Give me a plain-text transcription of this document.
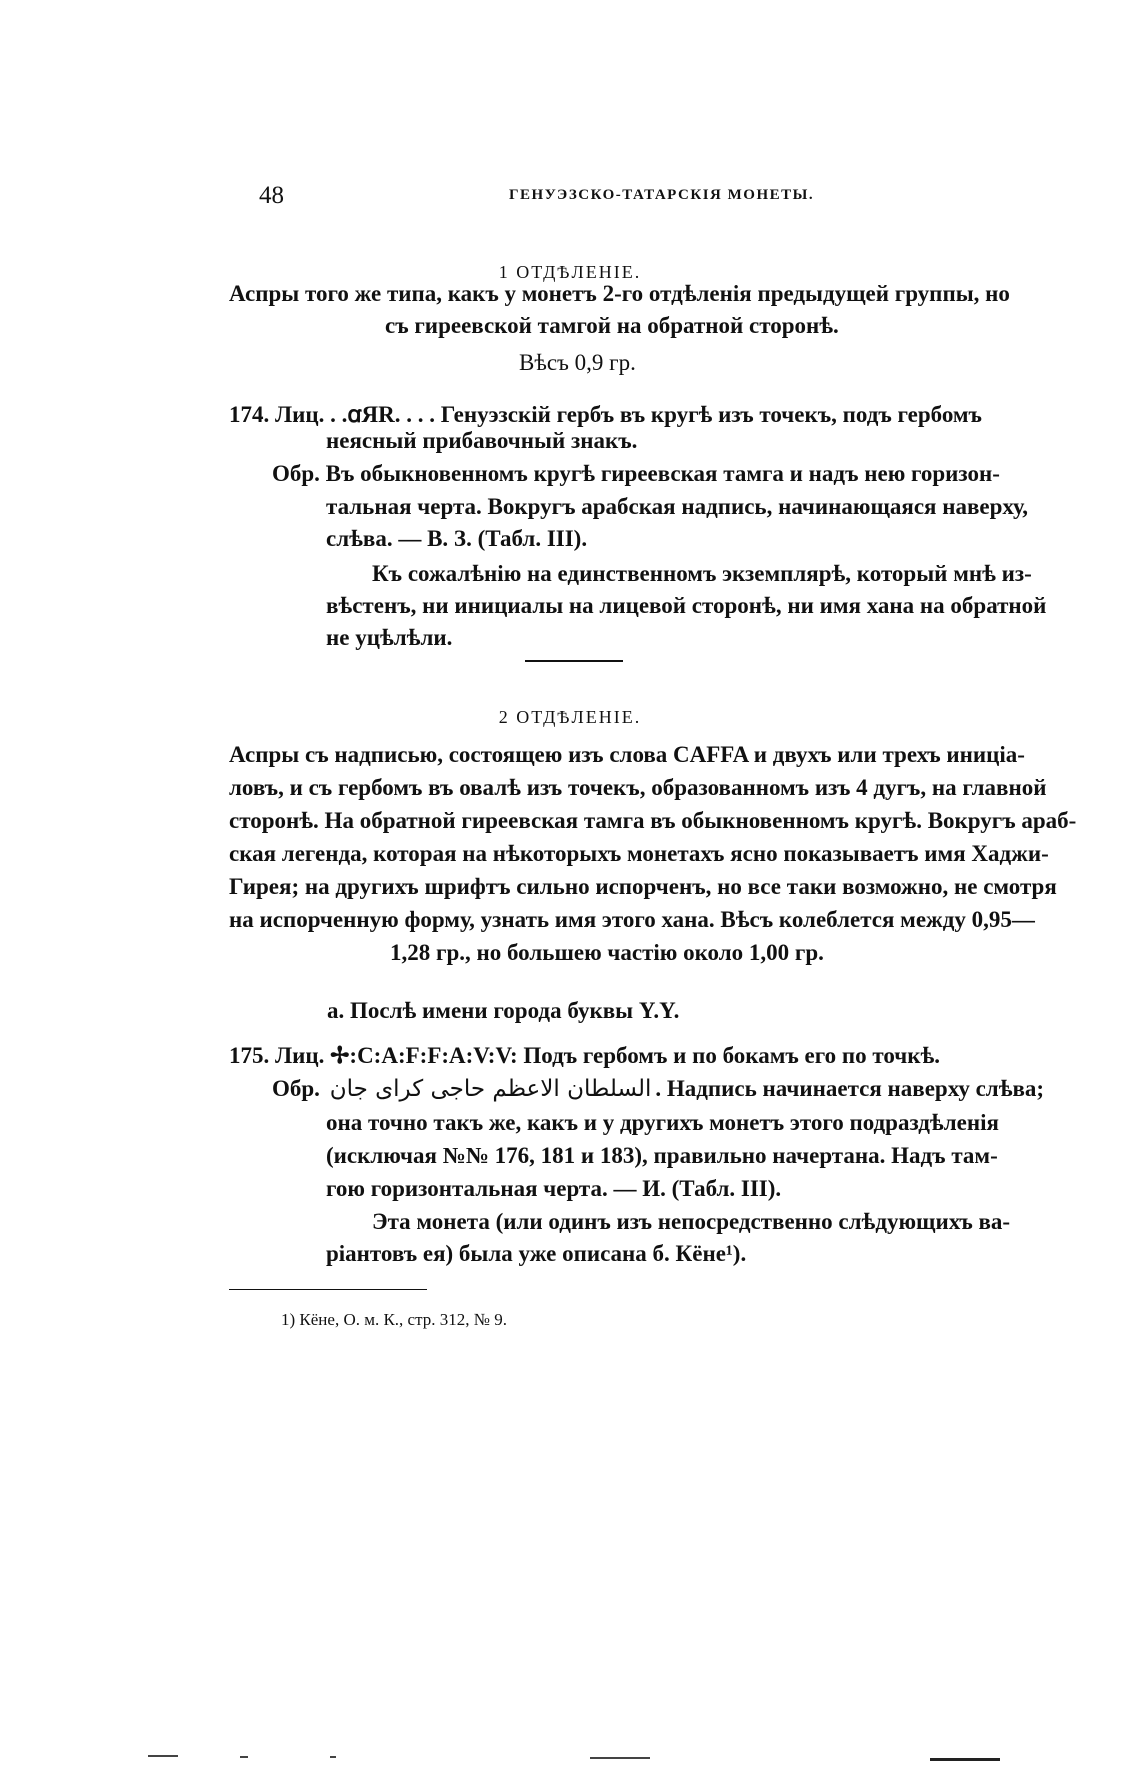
48	ГЕНУЭЗСКО-ТАТАРСКІЯ МОНЕТЫ.
1 ОТДѢЛЕНІЕ.
Аспры того же типа, какъ у монетъ 2-го отдѣленія предыдущей группы, но
съ гиреевской тамгой на обратной сторонѣ.
Вѣсъ 0,9 гр.
174. Лиц. . .ꭤЯR. . . . Генуэзскій гербъ въ кругѣ изъ точекъ, подъ гербомъ
неясный прибавочный знакъ.
Обр. Въ обыкновенномъ кругѣ гиреевская тамга и надъ нею горизон-
тальная черта. Вокругъ арабская надпись, начинающаяся наверху,
слѣва. — В. З. (Табл. III).
Къ сожалѣнію на единственномъ экземплярѣ, который мнѣ из-
вѣстенъ, ни инициалы на лицевой сторонѣ, ни имя хана на обратной
не уцѣлѣли.
2 ОТДѢЛЕНІЕ.
Аспры съ надписью, состоящею изъ слова CAFFA и двухъ или трехъ иниціа-
ловъ, и съ гербомъ въ овалѣ изъ точекъ, образованномъ изъ 4 дугъ, на главной
сторонѣ. На обратной гиреевская тамга въ обыкновенномъ кругѣ. Вокругъ араб-
ская легенда, которая на нѣкоторыхъ монетахъ ясно показываетъ имя Хаджи-
Гирея; на другихъ шрифтъ сильно испорченъ, но все таки возможно, не смотря
на испорченную форму, узнать имя этого хана. Вѣсъ колеблется между 0,95—
1,28 гр., но большею частію около 1,00 гр.
а. Послѣ имени города буквы Y.Y.
175. Лиц. ✢:C:A:F:F:A:V:V: Подъ гербомъ и по бокамъ его по точкѣ.
Обр. السلطان الاعظم حاجى كراى جان . Надпись начинается наверху слѣва;
она точно такъ же, какъ и у другихъ монетъ этого подраздѣленія
(исключая №№ 176, 181 и 183), правильно начертана. Надъ там-
гою горизонтальная черта. — И. (Табл. III).
Эта монета (или одинъ изъ непосредственно слѣдующихъ ва-
ріантовъ ея) была уже описана б. Кёне¹).
1) Кёне, О. м. К., стр. 312, № 9.
